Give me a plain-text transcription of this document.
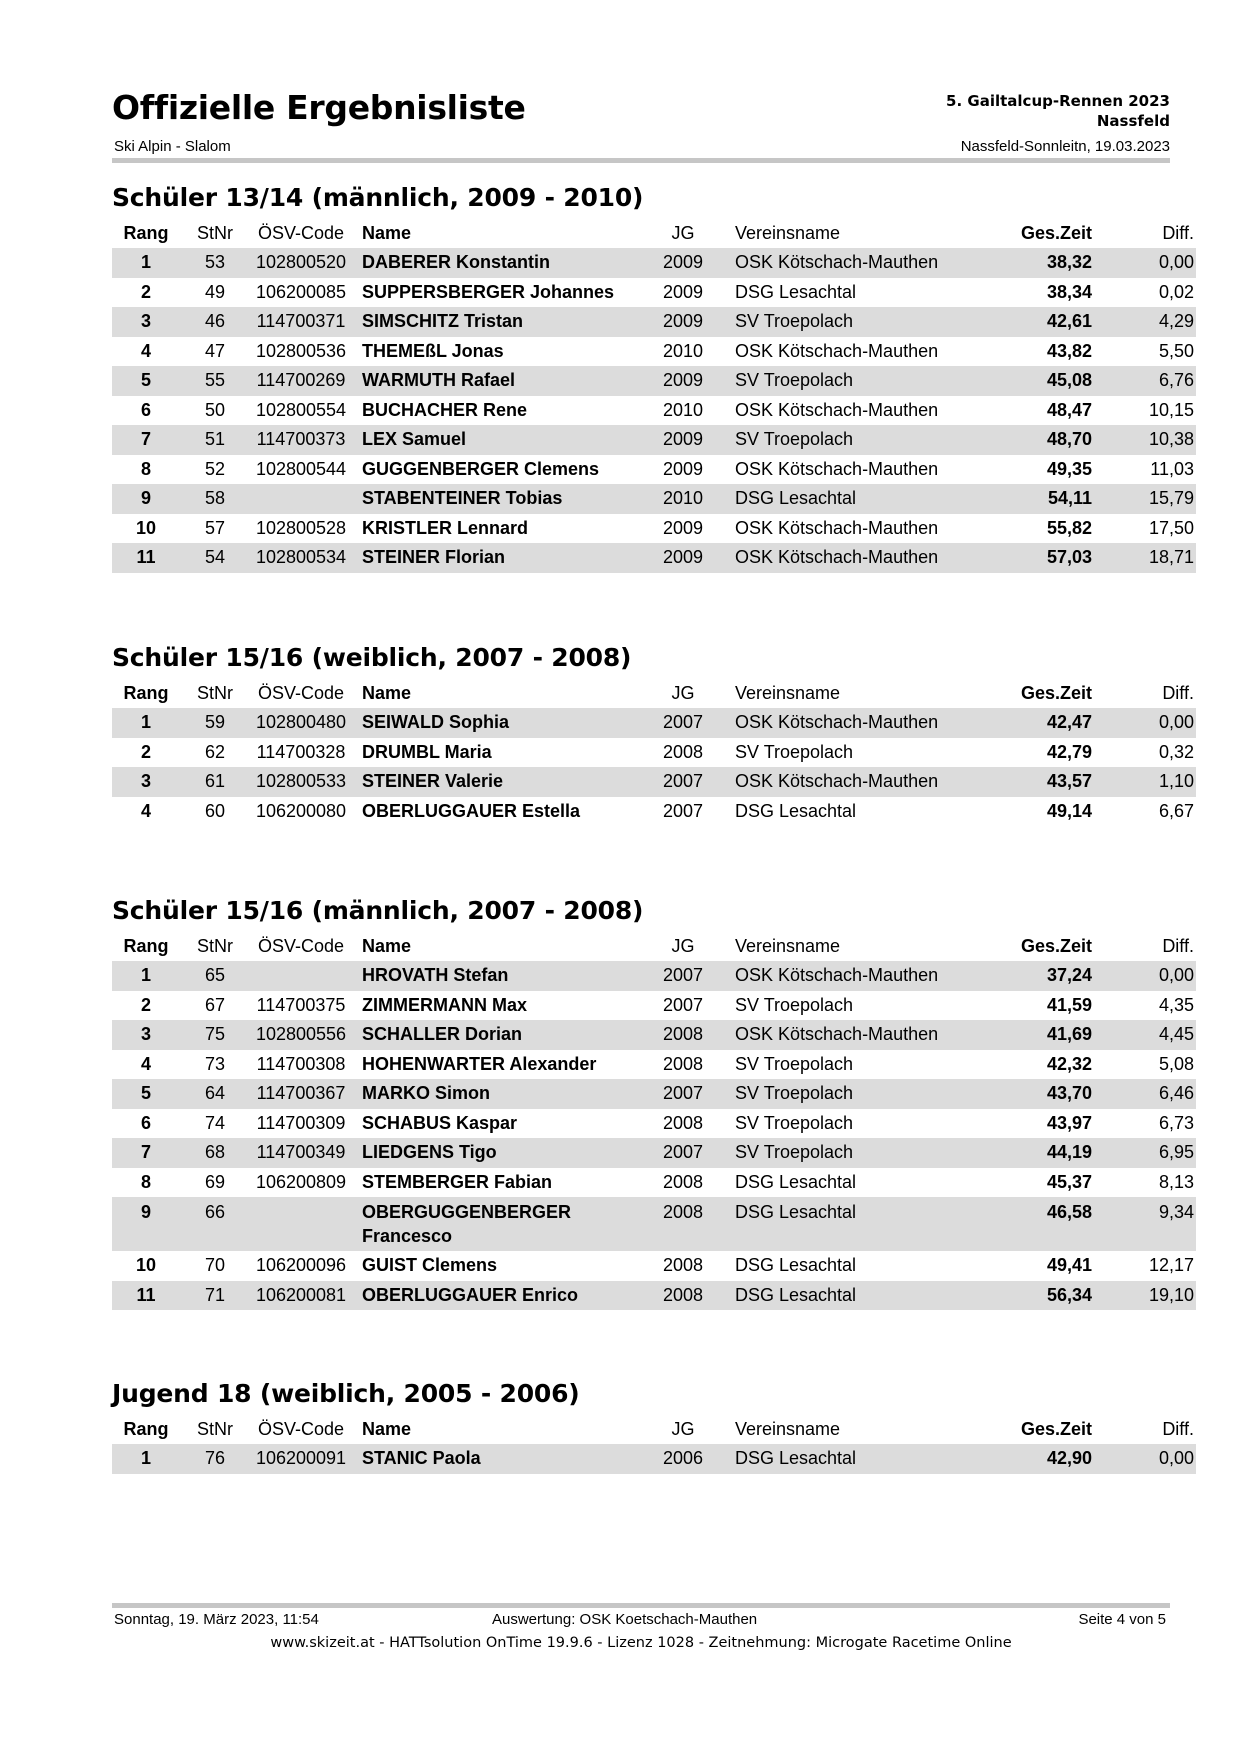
Offizielle Ergebnisliste
Ski Alpin - Slalom
5. Gailtalcup-Rennen 2023
Nassfeld
Nassfeld-Sonnleitn, 19.03.2023
Schüler 13/14 (männlich, 2009 - 2010)
Rang	StNr	ÖSV-Code	Name	JG	Vereinsname	Ges.Zeit	Diff.
1	53	102800520	DABERER Konstantin	2009	OSK Kötschach-Mauthen	38,32	0,00
2	49	106200085	SUPPERSBERGER Johannes	2009	DSG Lesachtal	38,34	0,02
3	46	114700371	SIMSCHITZ Tristan	2009	SV Troepolach	42,61	4,29
4	47	102800536	THEMEßL Jonas	2010	OSK Kötschach-Mauthen	43,82	5,50
5	55	114700269	WARMUTH Rafael	2009	SV Troepolach	45,08	6,76
6	50	102800554	BUCHACHER Rene	2010	OSK Kötschach-Mauthen	48,47	10,15
7	51	114700373	LEX Samuel	2009	SV Troepolach	48,70	10,38
8	52	102800544	GUGGENBERGER Clemens	2009	OSK Kötschach-Mauthen	49,35	11,03
9	58		STABENTEINER Tobias	2010	DSG Lesachtal	54,11	15,79
10	57	102800528	KRISTLER Lennard	2009	OSK Kötschach-Mauthen	55,82	17,50
11	54	102800534	STEINER Florian	2009	OSK Kötschach-Mauthen	57,03	18,71
Schüler 15/16 (weiblich, 2007 - 2008)
Rang	StNr	ÖSV-Code	Name	JG	Vereinsname	Ges.Zeit	Diff.
1	59	102800480	SEIWALD Sophia	2007	OSK Kötschach-Mauthen	42,47	0,00
2	62	114700328	DRUMBL Maria	2008	SV Troepolach	42,79	0,32
3	61	102800533	STEINER Valerie	2007	OSK Kötschach-Mauthen	43,57	1,10
4	60	106200080	OBERLUGGAUER Estella	2007	DSG Lesachtal	49,14	6,67
Schüler 15/16 (männlich, 2007 - 2008)
Rang	StNr	ÖSV-Code	Name	JG	Vereinsname	Ges.Zeit	Diff.
1	65		HROVATH Stefan	2007	OSK Kötschach-Mauthen	37,24	0,00
2	67	114700375	ZIMMERMANN Max	2007	SV Troepolach	41,59	4,35
3	75	102800556	SCHALLER Dorian	2008	OSK Kötschach-Mauthen	41,69	4,45
4	73	114700308	HOHENWARTER Alexander	2008	SV Troepolach	42,32	5,08
5	64	114700367	MARKO Simon	2007	SV Troepolach	43,70	6,46
6	74	114700309	SCHABUS Kaspar	2008	SV Troepolach	43,97	6,73
7	68	114700349	LIEDGENS Tigo	2007	SV Troepolach	44,19	6,95
8	69	106200809	STEMBERGER Fabian	2008	DSG Lesachtal	45,37	8,13
9	66		OBERGUGGENBERGER Francesco	2008	DSG Lesachtal	46,58	9,34
10	70	106200096	GUIST Clemens	2008	DSG Lesachtal	49,41	12,17
11	71	106200081	OBERLUGGAUER Enrico	2008	DSG Lesachtal	56,34	19,10
Jugend 18 (weiblich, 2005 - 2006)
Rang	StNr	ÖSV-Code	Name	JG	Vereinsname	Ges.Zeit	Diff.
1	76	106200091	STANIC Paola	2006	DSG Lesachtal	42,90	0,00
Sonntag, 19. März 2023, 11:54	Auswertung: OSK Koetschach-Mauthen	Seite 4 von 5
www.skizeit.at - HATTsolution OnTime 19.9.6 - Lizenz 1028 - Zeitnehmung: Microgate Racetime Online
